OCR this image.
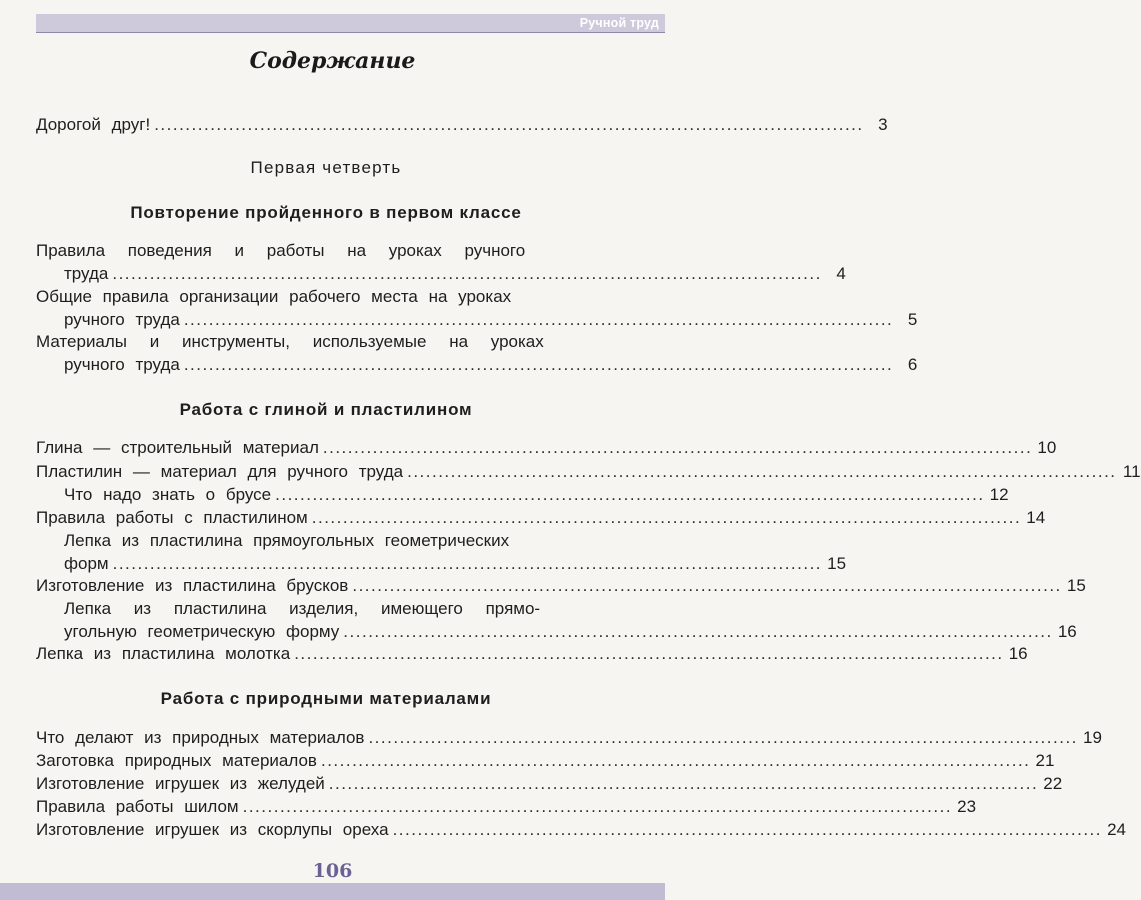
Ручной труд
Содержание
Дорогой друг! .................................................................................................................. 3
Первая четверть
Повторение пройденного в первом классе
Правила поведения и работы на уроках ручного
труда .................................................................................................................. 4
Общие правила организации рабочего места на уроках
ручного труда .................................................................................................................. 5
Материалы и инструменты, используемые на уроках
ручного труда .................................................................................................................. 6
Работа с глиной и пластилином
Глина — строительный материал .................................................................................................................. 10
Пластилин — материал для ручного труда .................................................................................................................. 11
Что надо знать о брусе .................................................................................................................. 12
Правила работы с пластилином .................................................................................................................. 14
Лепка из пластилина прямоугольных геометрических
форм .................................................................................................................. 15
Изготовление из пластилина брусков .................................................................................................................. 15
Лепка из пластилина изделия, имеющего прямо-
угольную геометрическую форму .................................................................................................................. 16
Лепка из пластилина молотка .................................................................................................................. 16
Работа с природными материалами
Что делают из природных материалов .................................................................................................................. 19
Заготовка природных материалов .................................................................................................................. 21
Изготовление игрушек из желудей .................................................................................................................. 22
Правила работы шилом .................................................................................................................. 23
Изготовление игрушек из скорлупы ореха .................................................................................................................. 24
106
